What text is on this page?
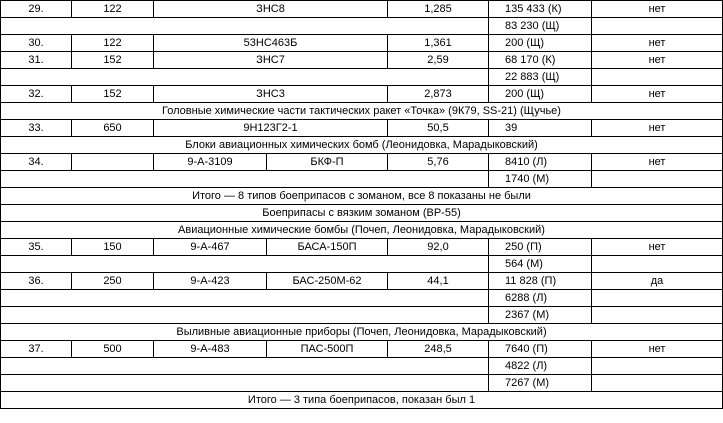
29.	122	ЗНС8		1,285	135 433 (К)	нет
					83 230 (Щ)	
30.	122	53НС463Б		1,361	200 (Щ)	нет
31.	152	ЗНС7		2,59	68 170 (К)	нет
					22 883 (Щ)	
32.	152	ЗНС3		2,873	200 (Щ)	нет
Головные химические части тактических ракет «Точка» (9К79, SS-21) (Щучье)						
33.	650	9Н123Г2-1		50,5	39	нет
Блоки авиационных химических бомб (Леонидовка, Марадыковский)						
34.		9-А-3109	БКФ-П	5,76	8410 (Л)	нет
					1740 (М)	
Итого — 8 типов боеприпасов с зоманом, все 8 показаны не были						
Боеприпасы с вязким зоманом (ВР-55)						
Авиационные химические бомбы (Почеп, Леонидовка, Марадыковский)						
35.	150	9-А-467	БАСА-150П	92,0	250 (П)	нет
					564 (М)	
36.	250	9-А-423	БАС-250М-62	44,1	11 828 (П)	да
					6288 (Л)	
					2367 (М)	
Выливные авиационные приборы (Почеп, Леонидовка, Марадыковский)						
37.	500	9-А-483	ПАС-500П	248,5	7640 (П)	нет
					4822 (Л)	
					7267 (М)	
Итого — 3 типа боеприпасов, показан был 1						
